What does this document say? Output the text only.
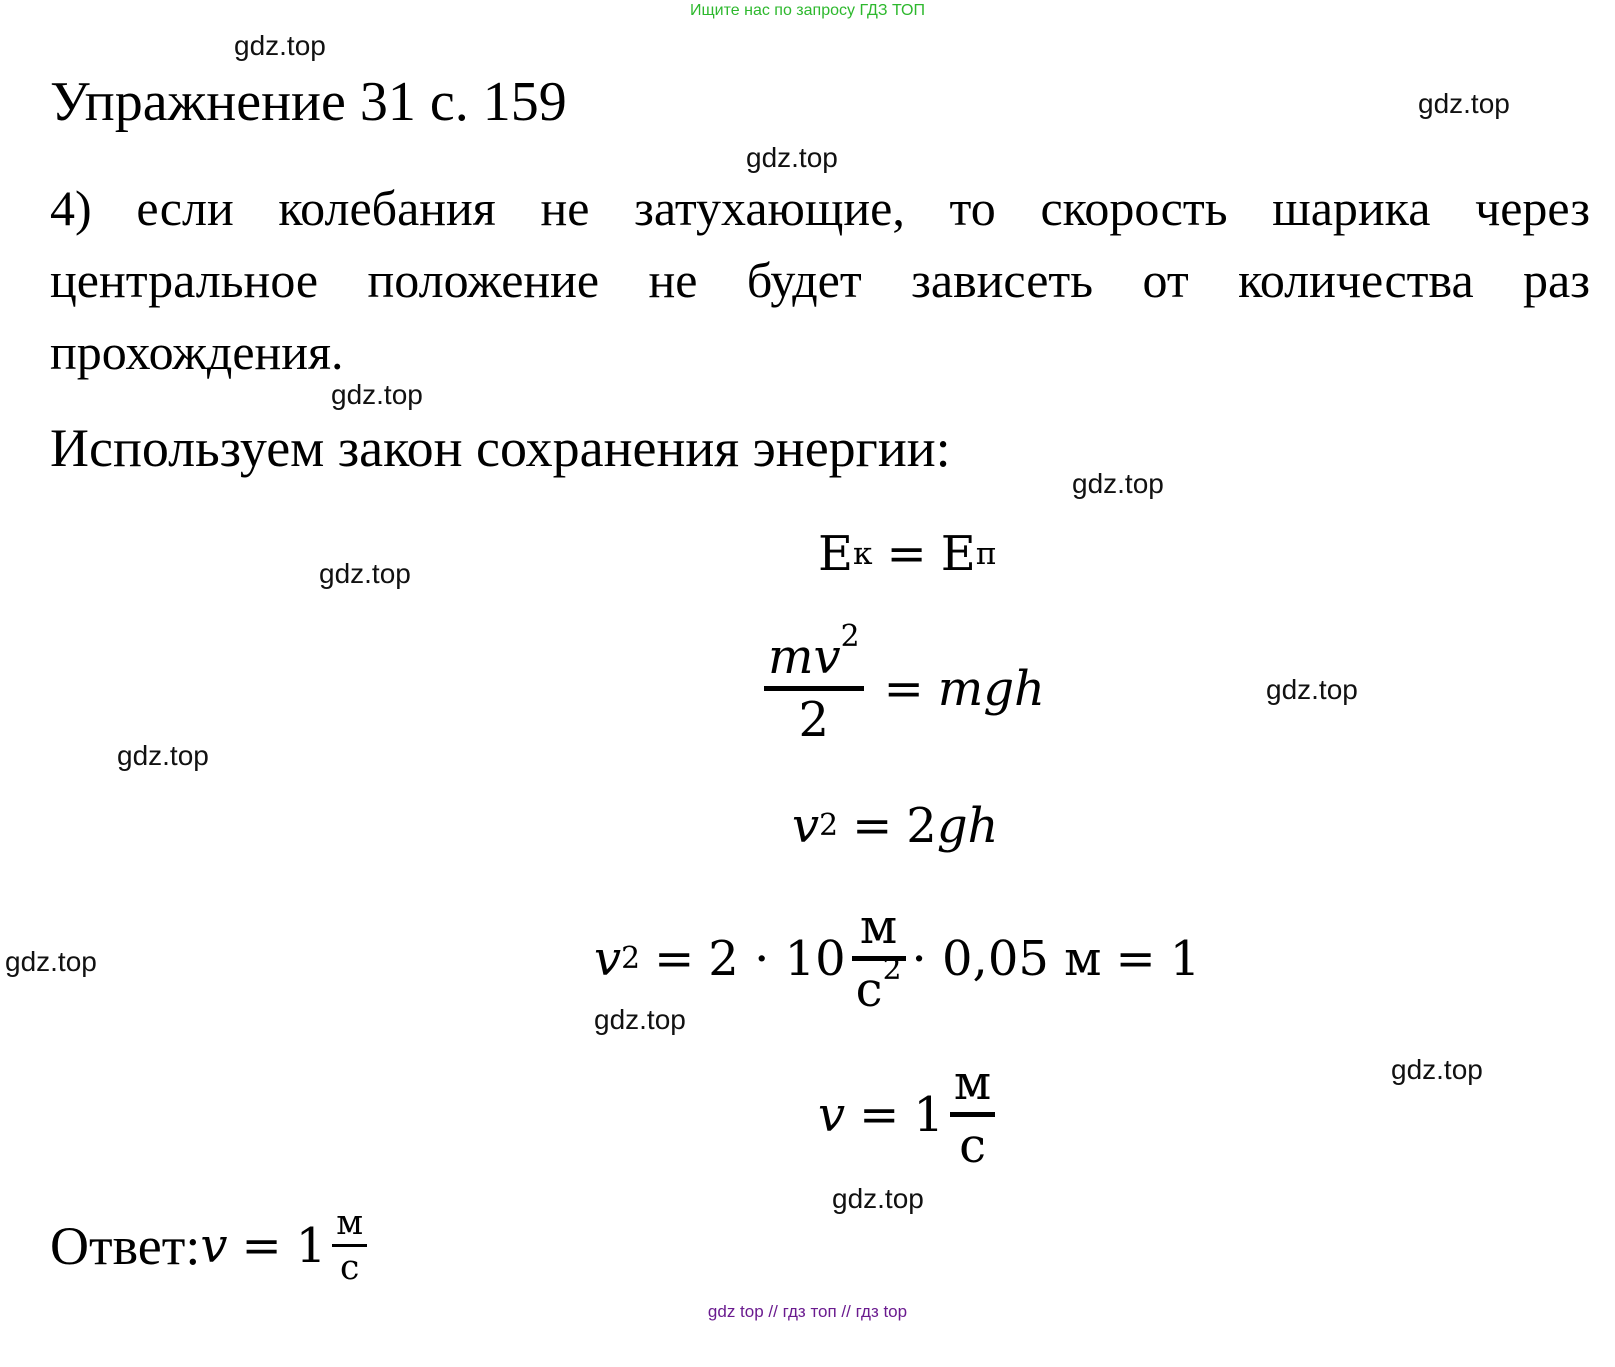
Ищите нас по запросу ГДЗ ТОП
gdz.top
gdz.top
gdz.top
gdz.top
gdz.top
gdz.top
gdz.top
gdz.top
gdz.top
gdz.top
gdz.top
gdz.top
Упражнение 31 с. 159
4) если колебания не затухающие, то скорость шарика через центральное положение не будет зависеть от количества раз прохождения.
Используем закон сохранения энергии:
E к = E п
$mv^2$
2
= mgh
v 2 = 2 gh
v 2 = 2 · 10
м
$с^2 \cdot 0,05$ м = 1
v = 1
м
с
Ответ: $v = 1 \frac{м}{с}$
gdz top // гдз топ // гдз top
